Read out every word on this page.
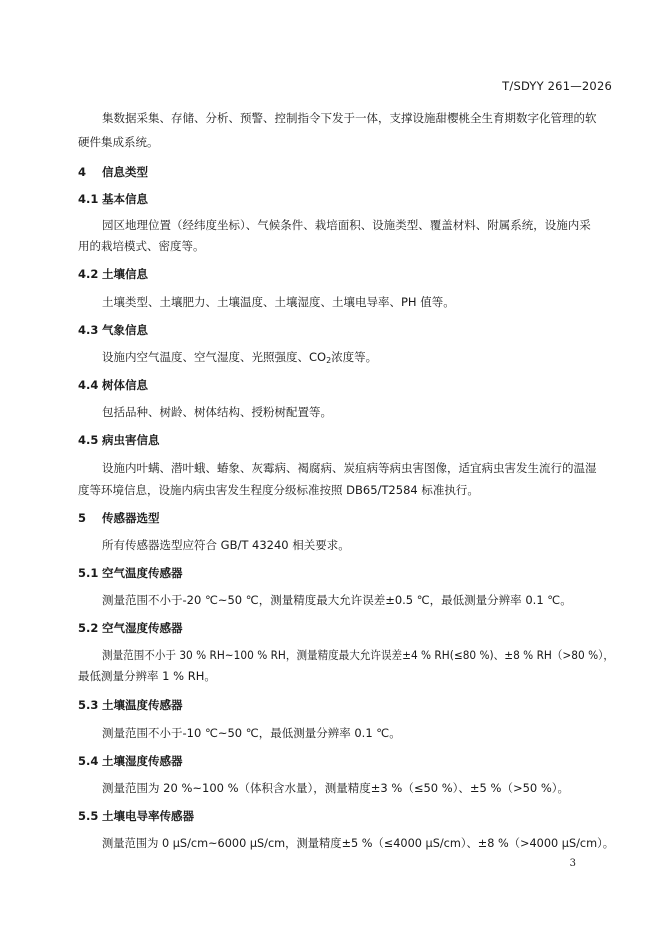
T/SDYY 261—2026
集数据采集、存储、分析、预警、控制指令下发于一体，支撑设施甜樱桃全生育期数字化管理的软
硬件集成系统。
4 信息类型
4.1 基本信息
园区地理位置（经纬度坐标）、气候条件、栽培面积、设施类型、覆盖材料、附属系统，设施内采
用的栽培模式、密度等。
4.2 土壤信息
土壤类型、土壤肥力、土壤温度、土壤湿度、土壤电导率、PH 值等。
4.3 气象信息
设施内空气温度、空气湿度、光照强度、$CO_2$浓度等。
4.4 树体信息
包括品种、树龄、树体结构、授粉树配置等。
4.5 病虫害信息
设施内叶螨、潜叶蛾、蝽象、灰霉病、褐腐病、炭疽病等病虫害图像，适宜病虫害发生流行的温湿
度等环境信息，设施内病虫害发生程度分级标准按照 DB65/T2584 标准执行。
5 传感器选型
所有传感器选型应符合 GB/T 43240 相关要求。
5.1 空气温度传感器
测量范围不小于-20 ℃~50 ℃，测量精度最大允许误差±0.5 ℃，最低测量分辨率 0.1 ℃。
5.2 空气湿度传感器
测量范围不小于 30 % RH~100 % RH，测量精度最大允许误差±4 % RH(≤80 %)、±8 % RH（>80 %），
最低测量分辨率 1 % RH。
5.3 土壤温度传感器
测量范围不小于-10 ℃~50 ℃，最低测量分辨率 0.1 ℃。
5.4 土壤湿度传感器
测量范围为 20 %~100 %（体积含水量），测量精度±3 %（≤50 %）、±5 %（>50 %）。
5.5 土壤电导率传感器
测量范围为 0 μS/cm~6000 μS/cm，测量精度±5 %（≤4000 μS/cm）、±8 %（>4000 μS/cm）。
3
